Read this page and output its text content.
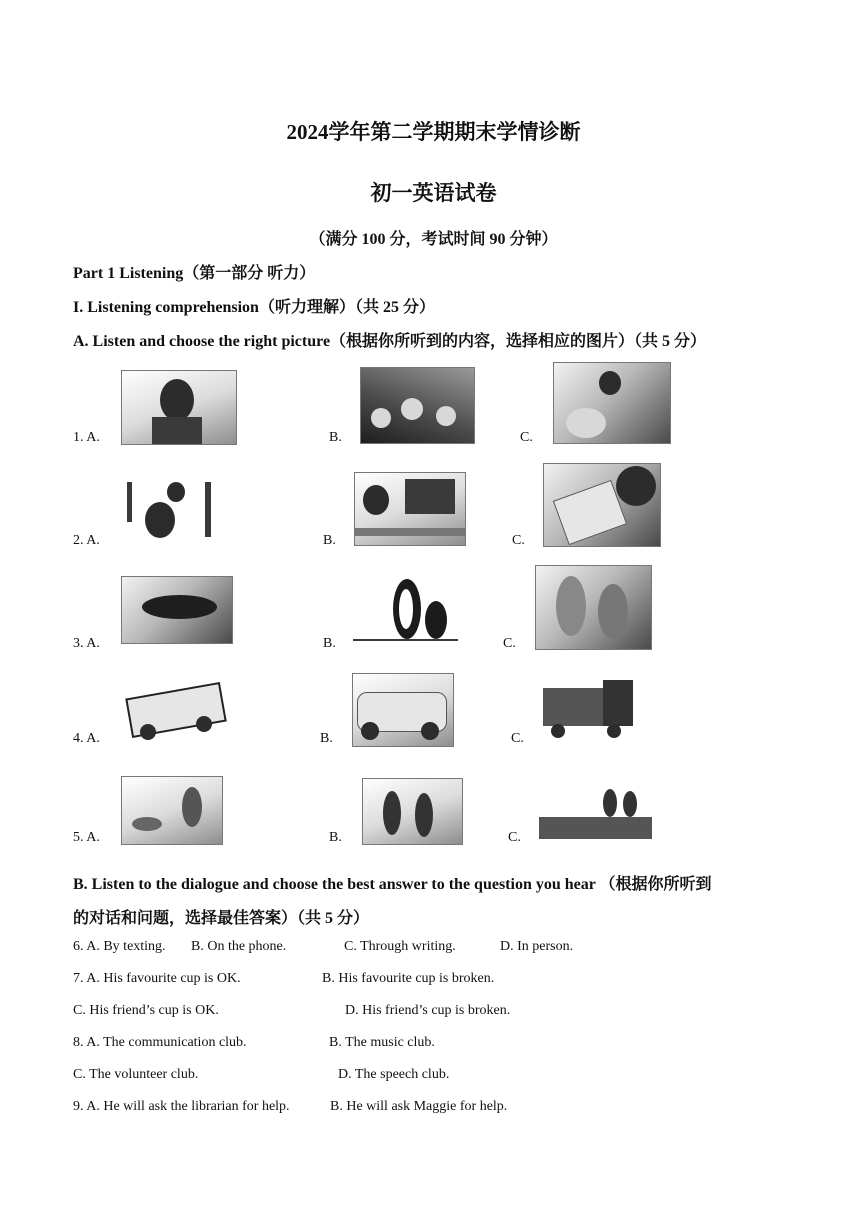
2024学年第二学期期末学情诊断
初一英语试卷
（满分 100 分，考试时间 90 分钟）
Part 1 Listening（第一部分 听力）
I. Listening comprehension（听力理解）（共 25 分）
A. Listen and choose the right picture（根据你所听到的内容，选择相应的图片）（共 5 分）
1. A.	B.	C.
2. A.	B.	C.
3. A.	B.	C.
4. A.	B.	C.
5. A.	B.	C.
B. Listen to the dialogue and choose the best answer to the question you hear （根据你所听到
的对话和问题，选择最佳答案）（共 5 分）
6. A. By texting. B. On the phone.	C. Through writing.	D. In person.
7. A. His favourite cup is OK.	B. His favourite cup is broken.
C. His friend’s cup is OK.	D. His friend’s cup is broken.
8. A. The communication club.	B. The music club.
C. The volunteer club.	D. The speech club.
9. A. He will ask the librarian for help.	B. He will ask Maggie for help.
